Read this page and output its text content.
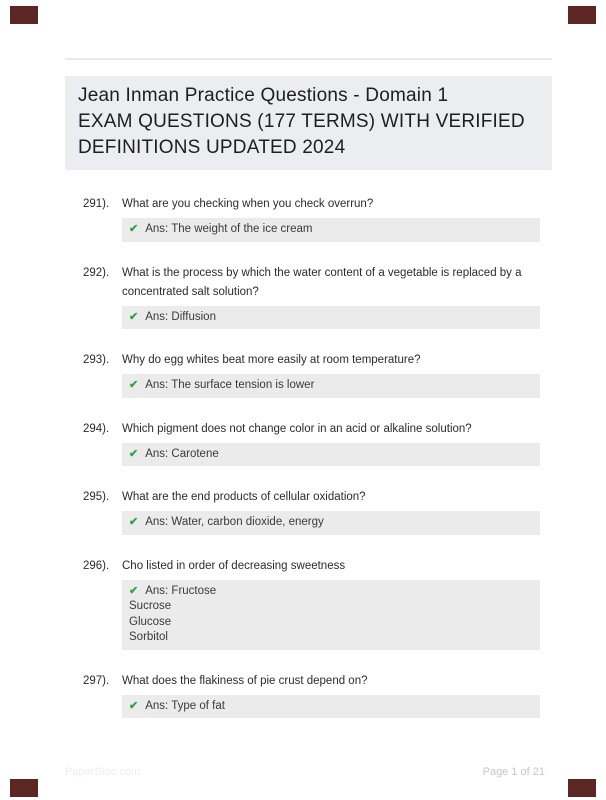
Jean Inman Practice Questions - Domain 1
EXAM QUESTIONS (177 TERMS) WITH VERIFIED
DEFINITIONS UPDATED 2024
291).	What are you checking when you check overrun?
✔ Ans: The weight of the ice cream
292).	What is the process by which the water content of a vegetable is replaced by a concentrated salt solution?
✔ Ans: Diffusion
293).	Why do egg whites beat more easily at room temperature?
✔ Ans: The surface tension is lower
294).	Which pigment does not change color in an acid or alkaline solution?
✔ Ans: Carotene
295).	What are the end products of cellular oxidation?
✔ Ans: Water, carbon dioxide, energy
296).	Cho listed in order of decreasing sweetness
✔ Ans: Fructose
Sucrose
Glucose
Sorbitol
297).	What does the flakiness of pie crust depend on?
✔ Ans: Type of fat
PaperStoc.com	Page 1 of 21
